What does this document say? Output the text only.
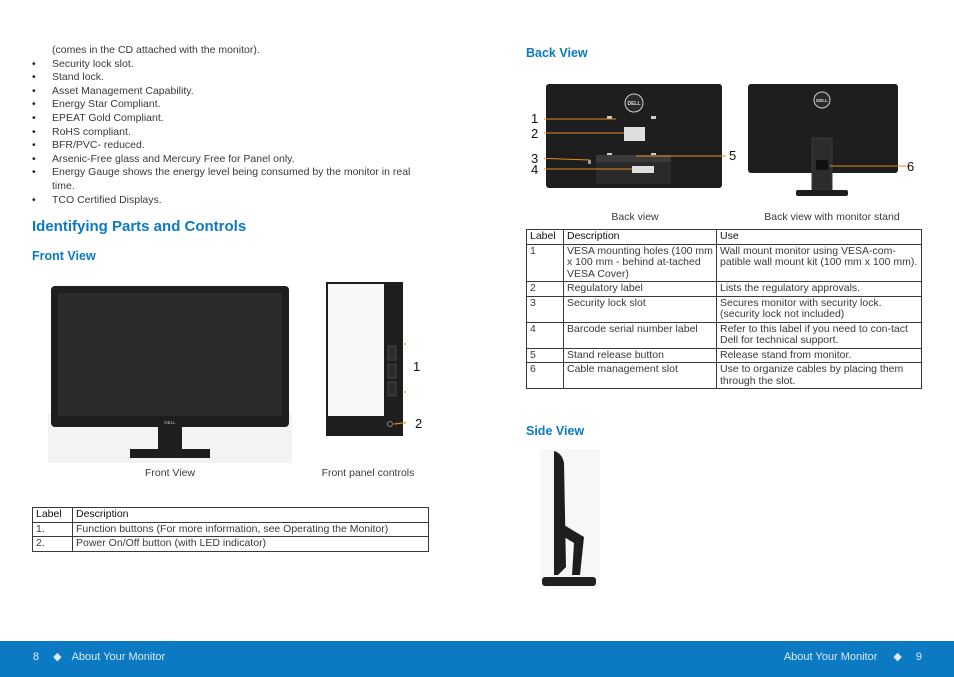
(comes in the CD attached with the monitor).
• Security lock slot.
• Stand lock.
• Asset Management Capability.
• Energy Star Compliant.
• EPEAT Gold Compliant.
• RoHS compliant.
• BFR/PVC- reduced.
• Arsenic-Free glass and Mercury Free for Panel only.
• Energy Gauge shows the energy level being consumed by the monitor in real time.
• TCO Certified Displays.
Identifying Parts and Controls
Front View
DELL
Front View
1
2
Front panel controls
Label	Description
1.	Function buttons (For more information, see Operating the Monitor)
2.	Power On/Off button (with LED indicator)
Back View
DELL
1
2
3
4
5
DELL
6
Back view	Back view with monitor stand
Label	Description	Use
1	VESA mounting holes (100 mm x 100 mm - behind at-tached VESA Cover)	Wall mount monitor using VESA-com-patible wall mount kit (100 mm x 100 mm).
2	Regulatory label	Lists the regulatory approvals.
3	Security lock slot	Secures monitor with security lock. (security lock not included)
4	Barcode serial number label	Refer to this label if you need to con-tact Dell for technical support.
5	Stand release button	Release stand from monitor.
6	Cable management slot	Use to organize cables by placing them through the slot.
Side View
8 ◆ About Your Monitor	About Your Monitor ◆ 9
